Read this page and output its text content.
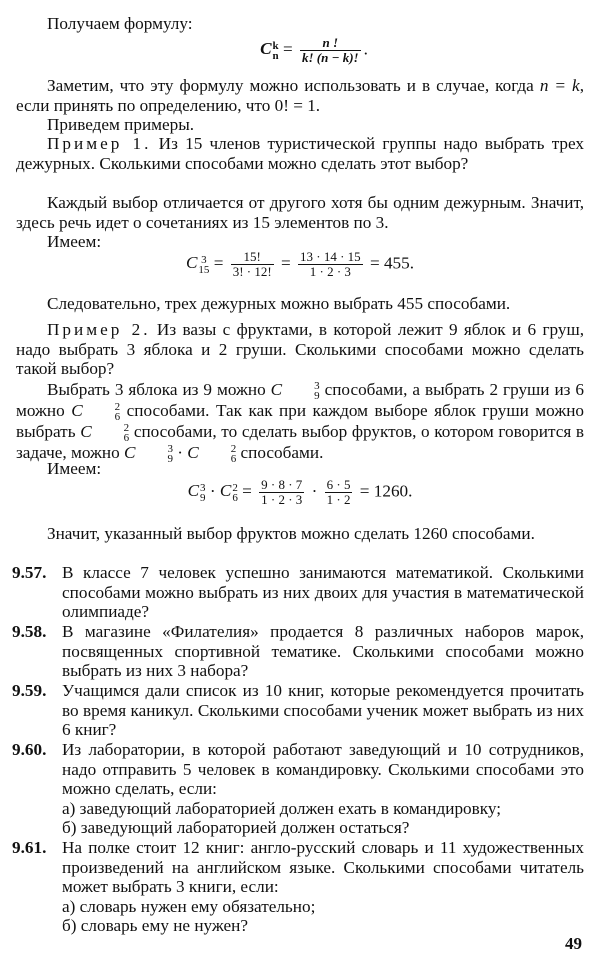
Получаем формулу:
C k
$n = \frac{n !}{k! (n - k)!}$ .
Заметим, что эту формулу можно использовать и в случае, когда n = k, если принять по определению, что 0! = 1.
Приведем примеры.
Пример 1. Из 15 членов туристической группы надо выбрать трех дежурных. Сколькими способами можно сделать этот выбор?
Каждый выбор отличается от другого хотя бы одним дежурным. Значит, здесь речь идет о сочетаниях из 15 элементов по 3.
Имеем:
C 3
$15 = \frac{15!}{3! \cdot 12!} = \frac{13 \cdot 14 \cdot 15}{1 \cdot 2 \cdot 3} = 455$.
Следовательно, трех дежурных можно выбрать 455 способами.
Пример 2. Из вазы с фруктами, в которой лежит 9 яблок и 6 груш, надо выбрать 3 яблока и 2 груши. Сколькими способами можно сделать такой выбор?
Выбрать 3 яблока из 9 можно C	3
9 способами, а выбрать 2 груши из 6 можно C	2
6 способами. Так как при каждом выборе яблок груши можно выбрать C	2
6 способами, то сделать выбор фруктов, о котором говорится в задаче, можно C	3
9 · C	2
6 способами.
Имеем:
C 3
9 · C 2
$6 = \frac{9 \cdot 8 \cdot 7}{1 \cdot 2 \cdot 3} \cdot \frac{6 \cdot 5}{1 \cdot 2} = 1260$.
Значит, указанный выбор фруктов можно сделать 1260 способами.
9.57. В классе 7 человек успешно занимаются математикой. Сколькими способами можно выбрать из них двоих для участия в математической олимпиаде?
9.58. В магазине «Филателия» продается 8 различных наборов марок, посвященных спортивной тематике. Сколькими способами можно выбрать из них 3 набора?
9.59. Учащимся дали список из 10 книг, которые рекомендуется прочитать во время каникул. Сколькими способами ученик может выбрать из них 6 книг?
9.60. Из лаборатории, в которой работают заведующий и 10 сотрудников, надо отправить 5 человек в командировку. Сколькими способами это можно сделать, если:
а) заведующий лабораторией должен ехать в командировку;
б) заведующий лабораторией должен остаться?
9.61. На полке стоит 12 книг: англо-русский словарь и 11 художественных произведений на английском языке. Сколькими способами читатель может выбрать 3 книги, если:
а) словарь нужен ему обязательно;
б) словарь ему не нужен?
49
